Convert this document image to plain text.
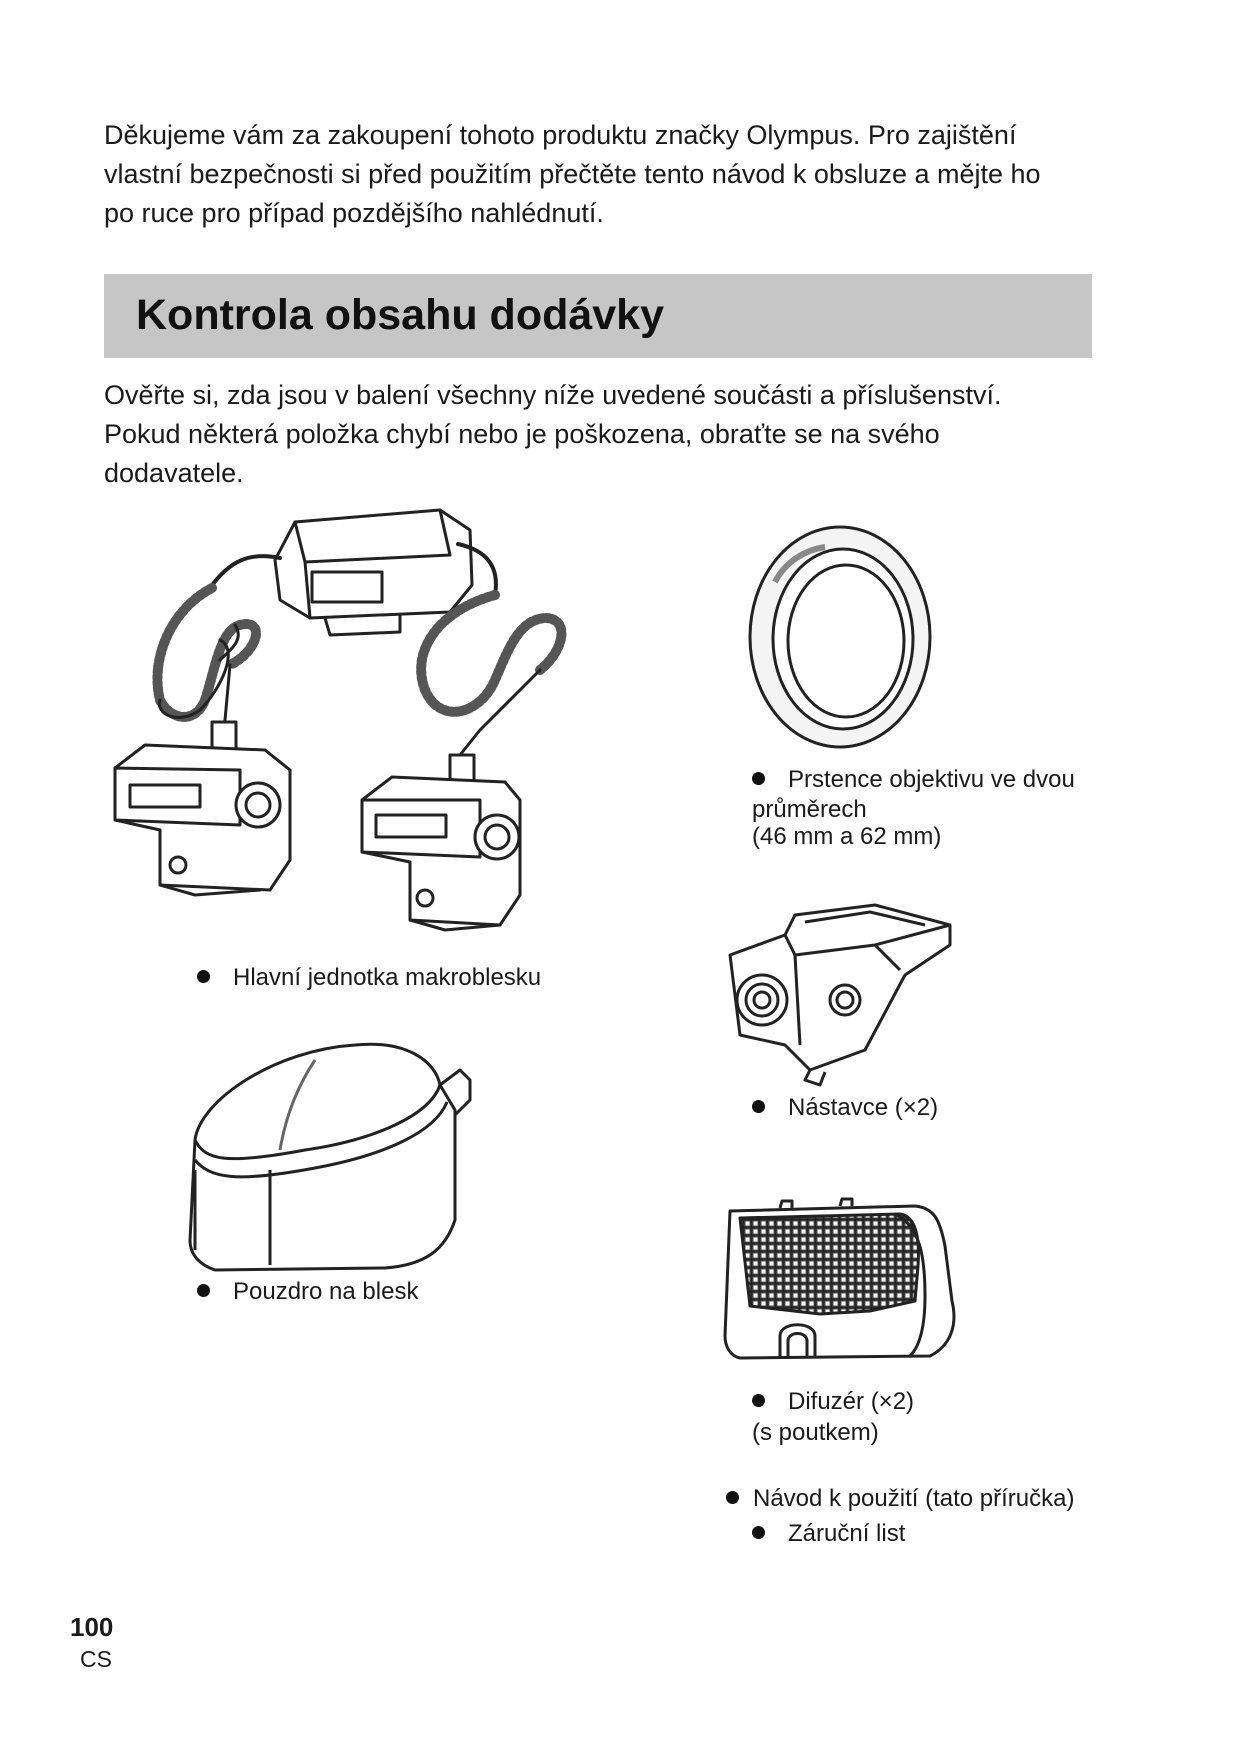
Děkujeme vám za zakoupení tohoto produktu značky Olympus. Pro zajištění
vlastní bezpečnosti si před použitím přečtěte tento návod k obsluze a mějte ho
po ruce pro případ pozdějšího nahlédnutí.
Kontrola obsahu dodávky
Ověřte si, zda jsou v balení všechny níže uvedené součásti a příslušenství.
Pokud některá položka chybí nebo je poškozena, obraťte se na svého
dodavatele.
Prstence objektivu ve dvou
průměrech
(46 mm a 62 mm)
Hlavní jednotka makroblesku
Nástavce (×2)
Pouzdro na blesk
Difuzér (×2)
(s poutkem)
Návod k použití (tato příručka)
Záruční list
100
CS
